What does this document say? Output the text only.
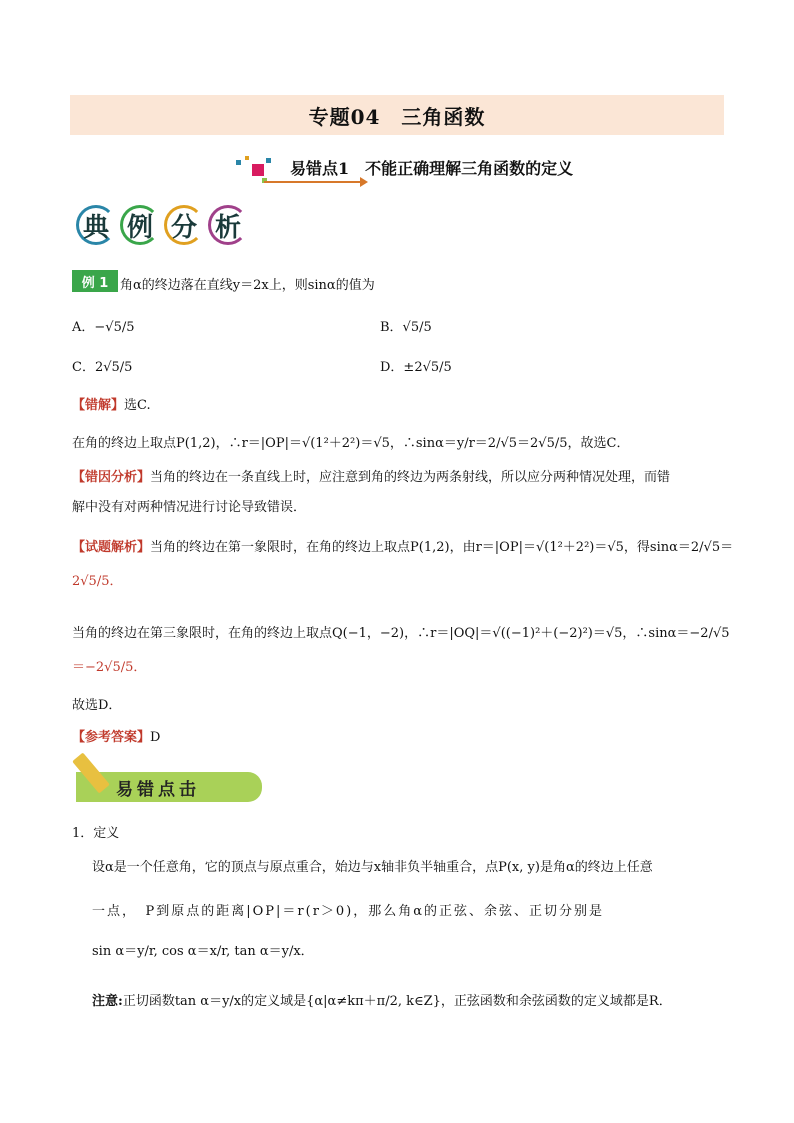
专题04　三角函数
易错点1　不能正确理解三角函数的定义
典 例 分 析
例 1 角α的终边落在直线y＝2x上，则sinα的值为
A．−√5/5	B．√5/5
C．2√5/5	D．±2√5/5
【错解】选C.
在角的终边上取点P(1,2)，∴r＝|OP|＝√(1²＋2²)＝√5，∴sinα＝y/r＝2/√5＝2√5/5，故选C．
【错因分析】当角的终边在一条直线上时，应注意到角的终边为两条射线，所以应分两种情况处理，而错
解中没有对两种情况进行讨论导致错误．
【试题解析】当角的终边在第一象限时，在角的终边上取点P(1,2)，由r＝|OP|＝√(1²＋2²)＝√5，得sinα＝2/√5＝
2√5/5．
当角的终边在第三象限时，在角的终边上取点Q(−1，−2)，∴r＝|OQ|＝√((−1)²＋(−2)²)＝√5，∴sinα＝−2/√5
＝−2√5/5．
故选D．
【参考答案】D
易错点击
1．定义
设α是一个任意角，它的顶点与原点重合，始边与x轴非负半轴重合，点P(x, y)是角α的终边上任意
一点，　P到原点的距离|OP|＝r(r＞0)，那么角α的正弦、余弦、正切分别是
sin α＝y/r, cos α＝x/r, tan α＝y/x．
注意:正切函数tan α＝y/x的定义域是{α|α≠kπ＋π/2, k∈Z}，正弦函数和余弦函数的定义域都是R．
